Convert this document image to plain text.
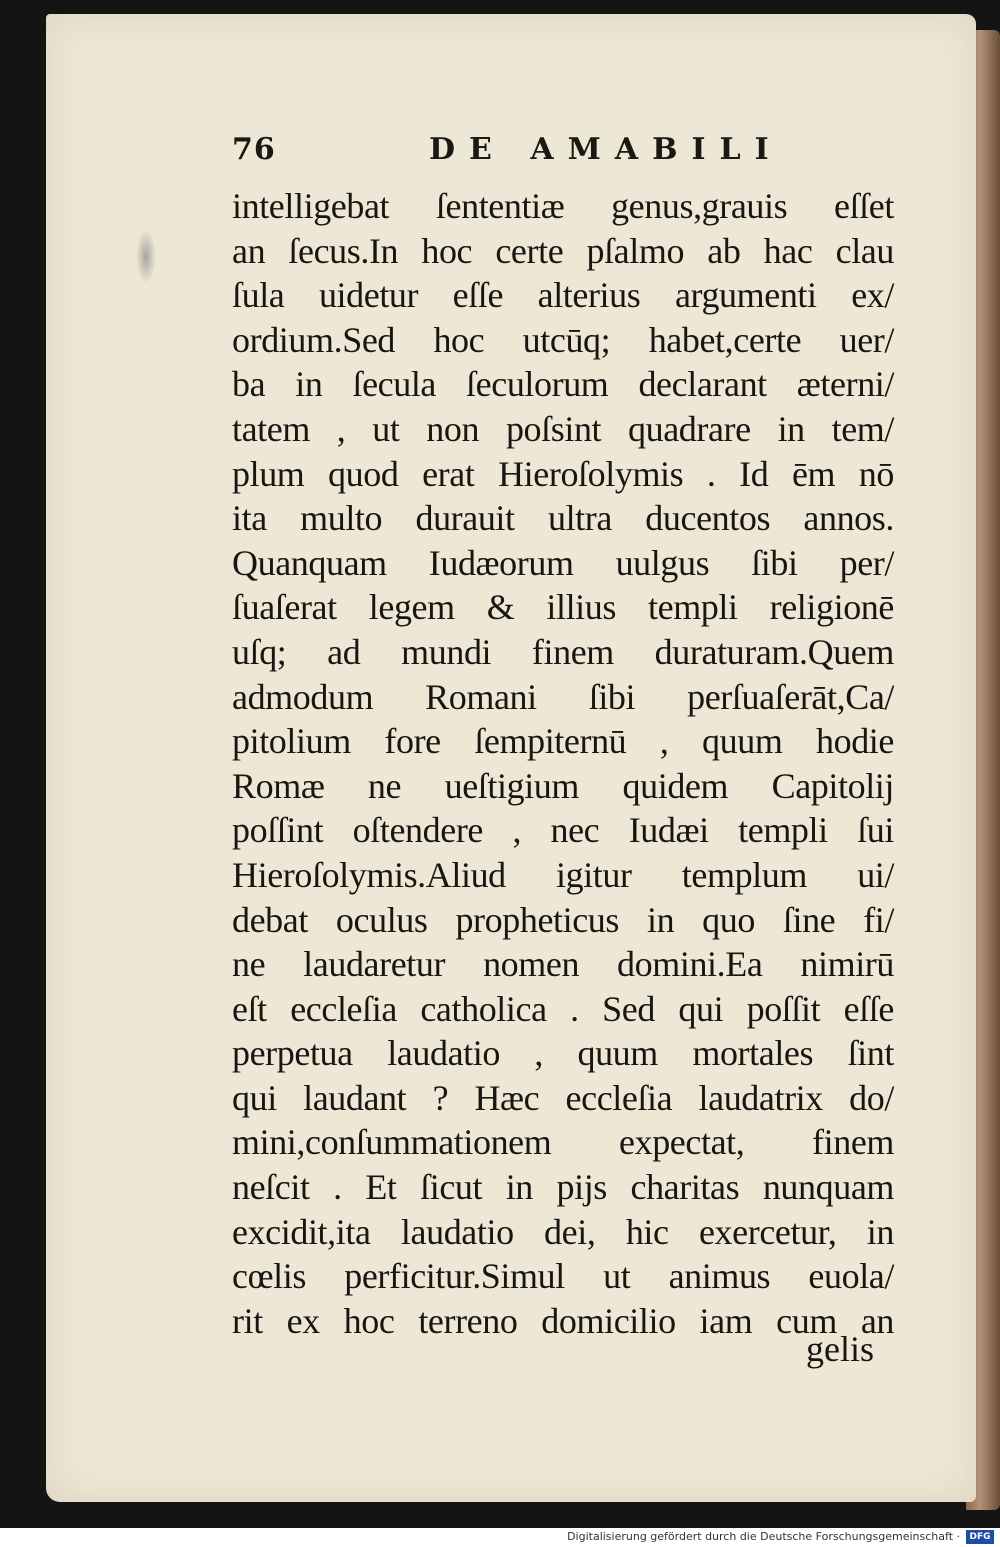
76	DE AMABILI
intelligebat ſententiæ genus,grauis eſſet
an ſecus.In hoc certe pſalmo ab hac clau
ſula uidetur eſſe alterius argumenti ex/
ordium.Sed hoc utcūq; habet,certe uer/
ba in ſecula ſeculorum declarant æterni/
tatem , ut non poſsint quadrare in tem/
plum quod erat Hieroſolymis . Id ēm nō
ita multo durauit ultra ducentos annos.
Quanquam Iudæorum uulgus ſibi per/
ſuaſerat legem & illius templi religionē
uſq; ad mundi finem duraturam.Quem
admodum Romani ſibi perſuaſerāt,Ca/
pitolium fore ſempiternū , quum hodie
Romæ ne ueſtigium quidem Capitolij
poſſint oſtendere , nec Iudæi templi ſui
Hieroſolymis.Aliud igitur templum ui/
debat oculus propheticus in quo ſine fi/
ne laudaretur nomen domini.Ea nimirū
eſt eccleſia catholica . Sed qui poſſit eſſe
perpetua laudatio , quum mortales ſint
qui laudant ? Hæc eccleſia laudatrix do/
mini,conſummationem expectat, finem
neſcit . Et ſicut in pijs charitas nunquam
excidit,ita laudatio dei, hic exercetur, in
cœlis perficitur.Simul ut animus euola/
rit ex hoc terreno domicilio iam cum an
gelis
Digitalisierung gefördert durch die Deutsche Forschungsgemeinschaft ·	DFG
